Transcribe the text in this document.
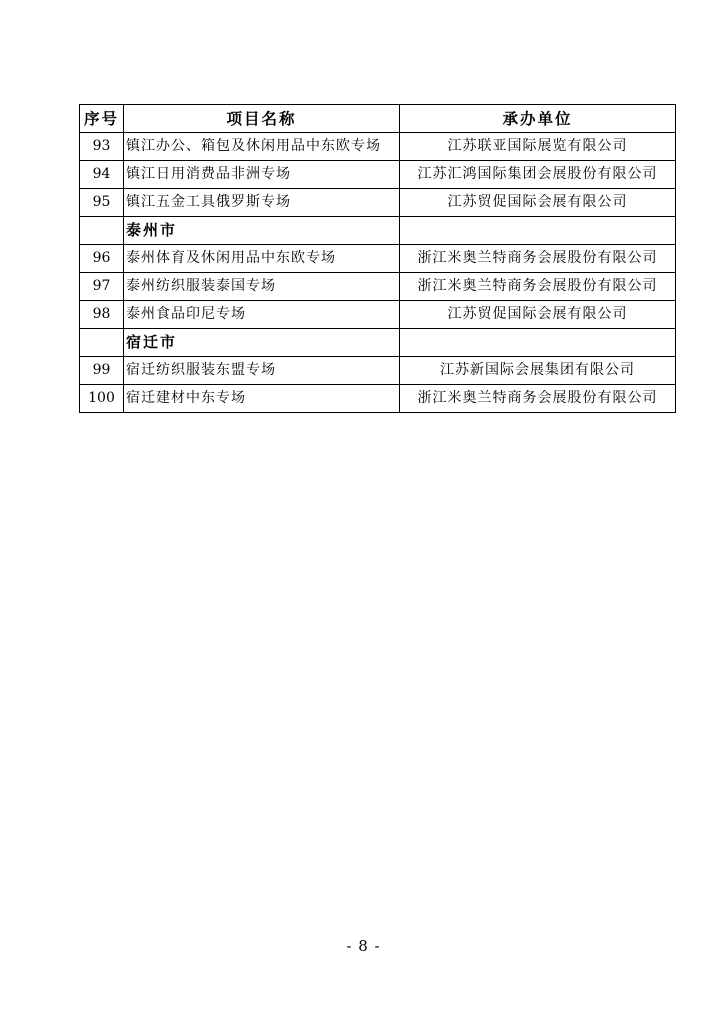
序号	项目名称	承办单位
93	镇江办公、箱包及休闲用品中东欧专场	江苏联亚国际展览有限公司
94	镇江日用消费品非洲专场	江苏汇鸿国际集团会展股份有限公司
95	镇江五金工具俄罗斯专场	江苏贸促国际会展有限公司
	泰州市	
96	泰州体育及休闲用品中东欧专场	浙江米奥兰特商务会展股份有限公司
97	泰州纺织服装泰国专场	浙江米奥兰特商务会展股份有限公司
98	泰州食品印尼专场	江苏贸促国际会展有限公司
	宿迁市	
99	宿迁纺织服装东盟专场	江苏新国际会展集团有限公司
100	宿迁建材中东专场	浙江米奥兰特商务会展股份有限公司
- 8 -
